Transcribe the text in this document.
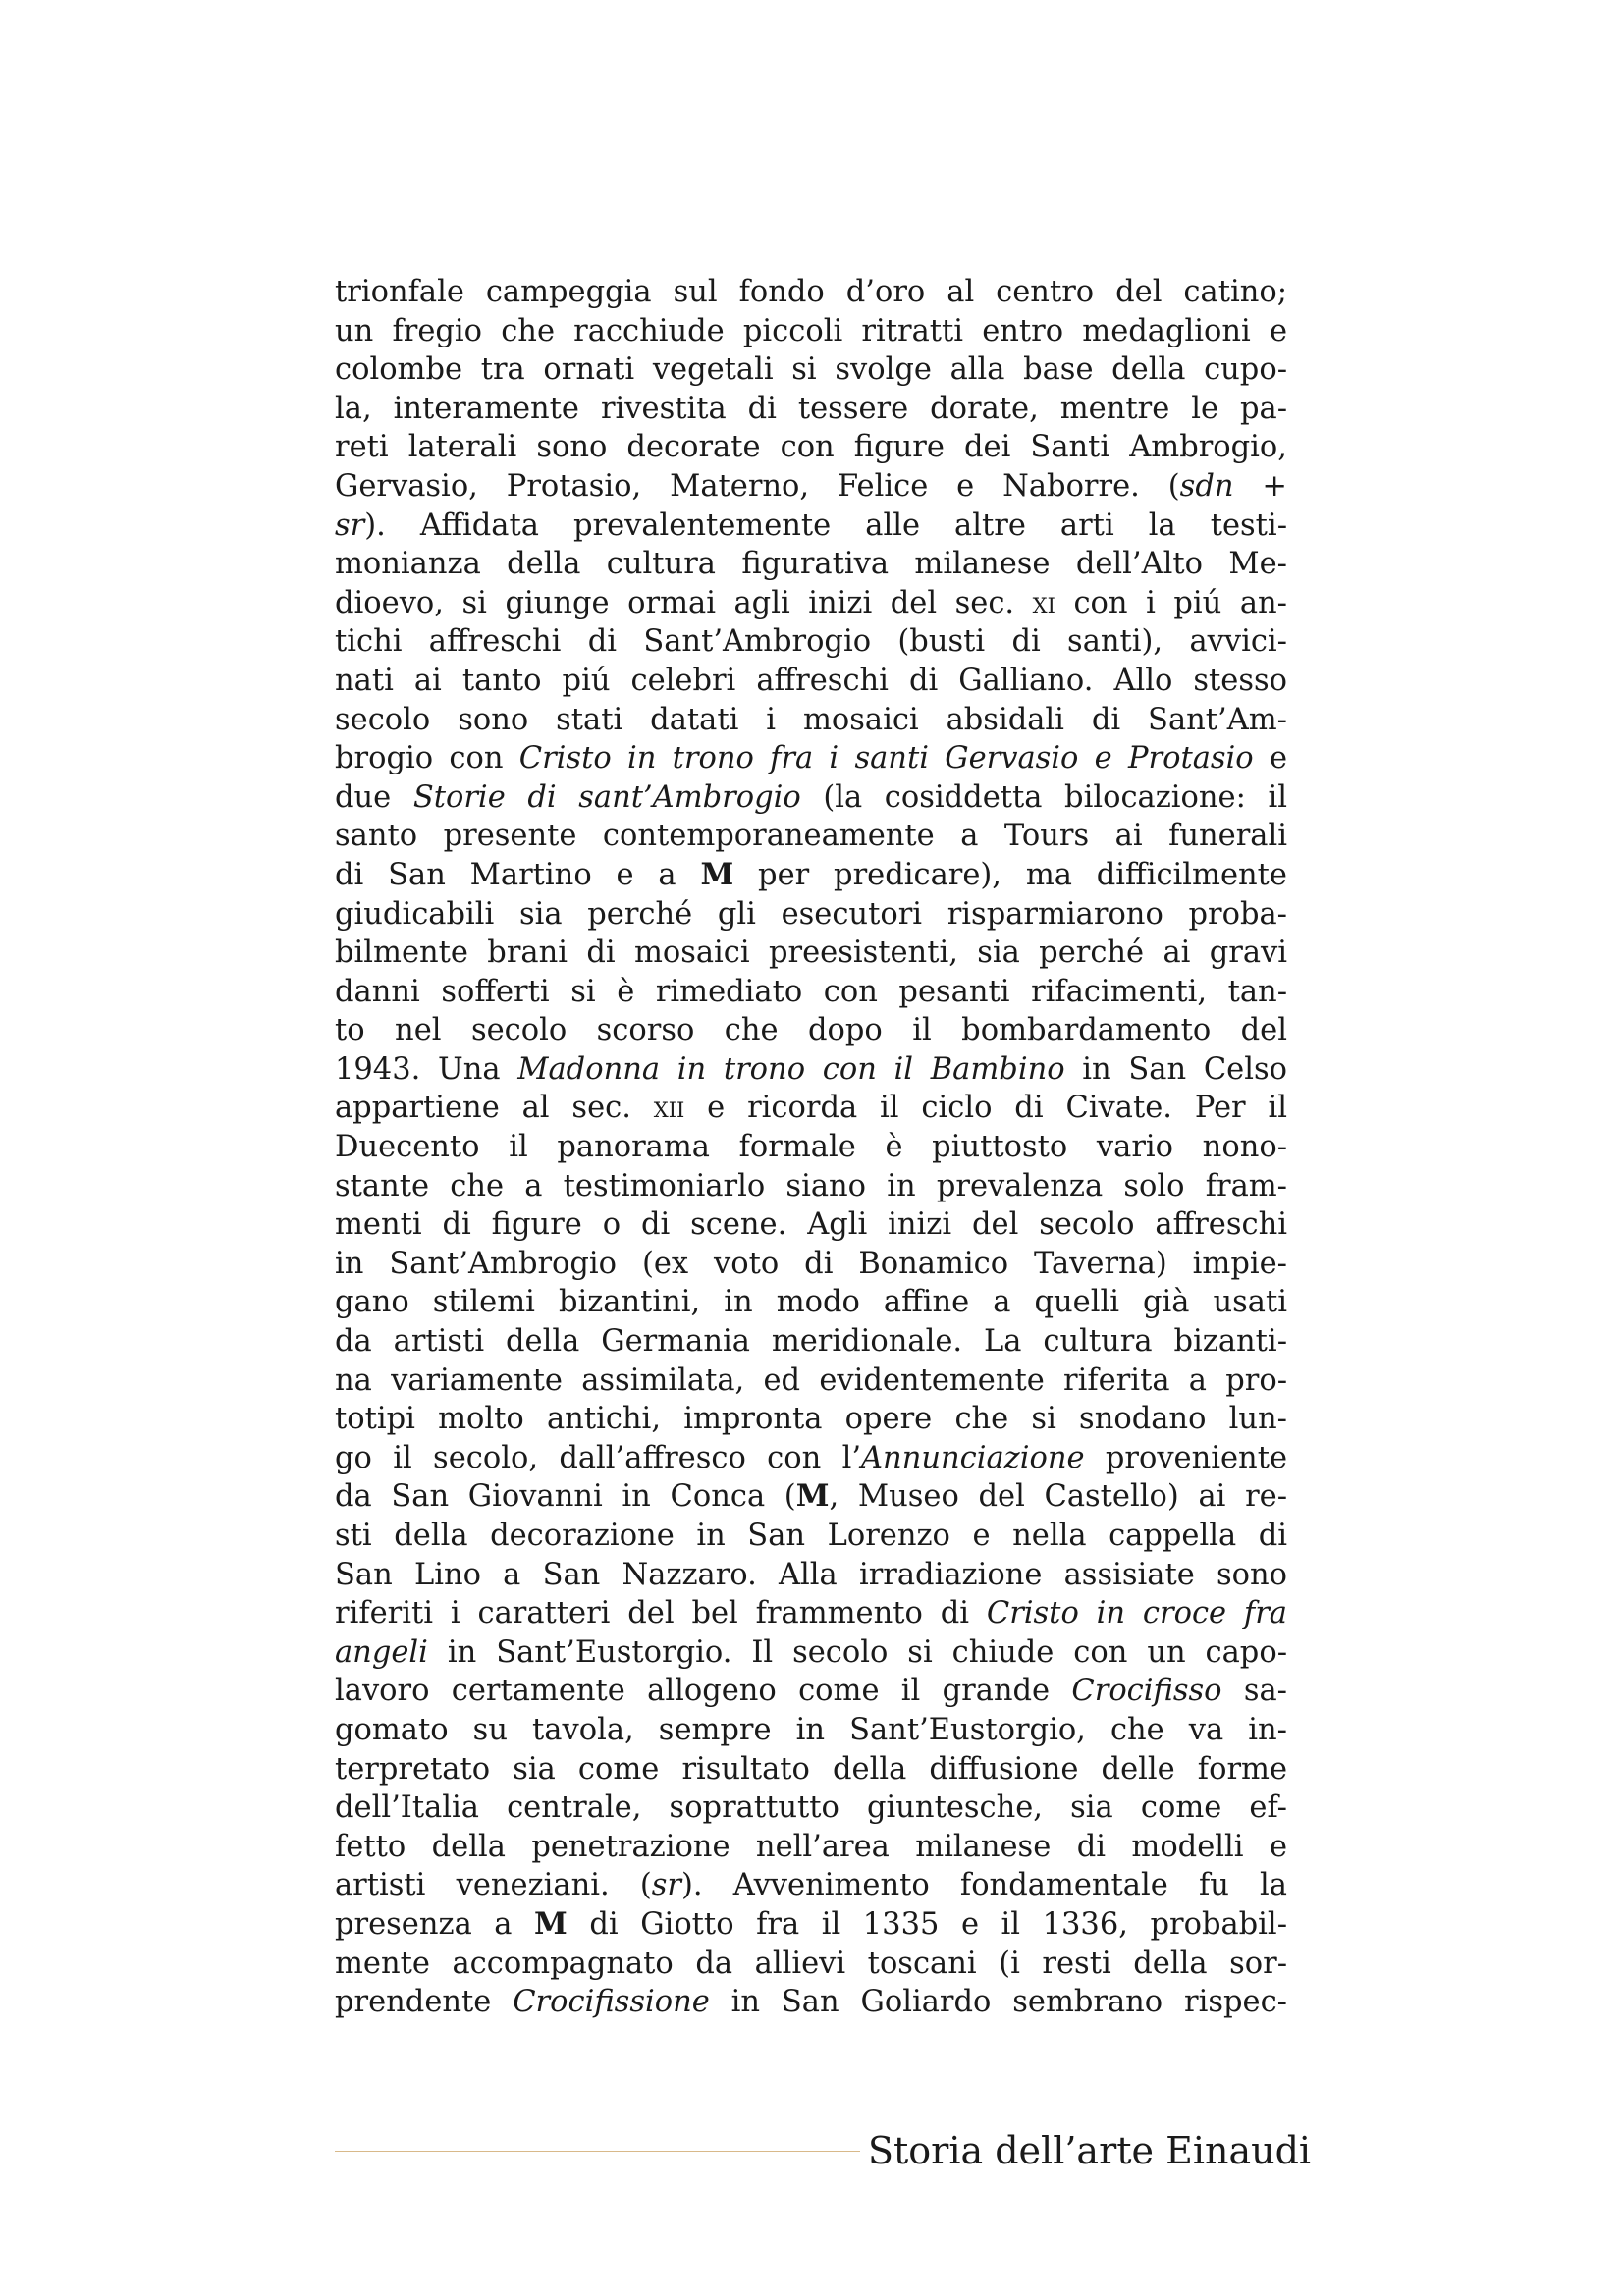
trionfale campeggia sul fondo d’oro al centro del catino;
un fregio che racchiude piccoli ritratti entro medaglioni e
colombe tra ornati vegetali si svolge alla base della cupo-
la, interamente rivestita di tessere dorate, mentre le pa-
reti laterali sono decorate con figure dei Santi Ambrogio,
Gervasio, Protasio, Materno, Felice e Naborre. (sdn +
sr). Affidata prevalentemente alle altre arti la testi-
monianza della cultura figurativa milanese dell’Alto Me-
dioevo, si giunge ormai agli inizi del sec. xi con i piú an-
tichi affreschi di Sant’Ambrogio (busti di santi), avvici-
nati ai tanto piú celebri affreschi di Galliano. Allo stesso
secolo sono stati datati i mosaici absidali di Sant’Am-
brogio con Cristo in trono fra i santi Gervasio e Protasio e
due Storie di sant’Ambrogio (la cosiddetta bilocazione: il
santo presente contemporaneamente a Tours ai funerali
di San Martino e a M per predicare), ma difficilmente
giudicabili sia perché gli esecutori risparmiarono proba-
bilmente brani di mosaici preesistenti, sia perché ai gravi
danni sofferti si è rimediato con pesanti rifacimenti, tan-
to nel secolo scorso che dopo il bombardamento del
1943. Una Madonna in trono con il Bambino in San Celso
appartiene al sec. xii e ricorda il ciclo di Civate. Per il
Duecento il panorama formale è piuttosto vario nono-
stante che a testimoniarlo siano in prevalenza solo fram-
menti di figure o di scene. Agli inizi del secolo affreschi
in Sant’Ambrogio (ex voto di Bonamico Taverna) impie-
gano stilemi bizantini, in modo affine a quelli già usati
da artisti della Germania meridionale. La cultura bizanti-
na variamente assimilata, ed evidentemente riferita a pro-
totipi molto antichi, impronta opere che si snodano lun-
go il secolo, dall’affresco con l’Annunciazione proveniente
da San Giovanni in Conca (M, Museo del Castello) ai re-
sti della decorazione in San Lorenzo e nella cappella di
San Lino a San Nazzaro. Alla irradiazione assisiate sono
riferiti i caratteri del bel frammento di Cristo in croce fra
angeli in Sant’Eustorgio. Il secolo si chiude con un capo-
lavoro certamente allogeno come il grande Crocifisso sa-
gomato su tavola, sempre in Sant’Eustorgio, che va in-
terpretato sia come risultato della diffusione delle forme
dell’Italia centrale, soprattutto giuntesche, sia come ef-
fetto della penetrazione nell’area milanese di modelli e
artisti veneziani. (sr). Avvenimento fondamentale fu la
presenza a M di Giotto fra il 1335 e il 1336, probabil-
mente accompagnato da allievi toscani (i resti della sor-
prendente Crocifissione in San Goliardo sembrano rispec-
Storia dell’arte Einaudi
